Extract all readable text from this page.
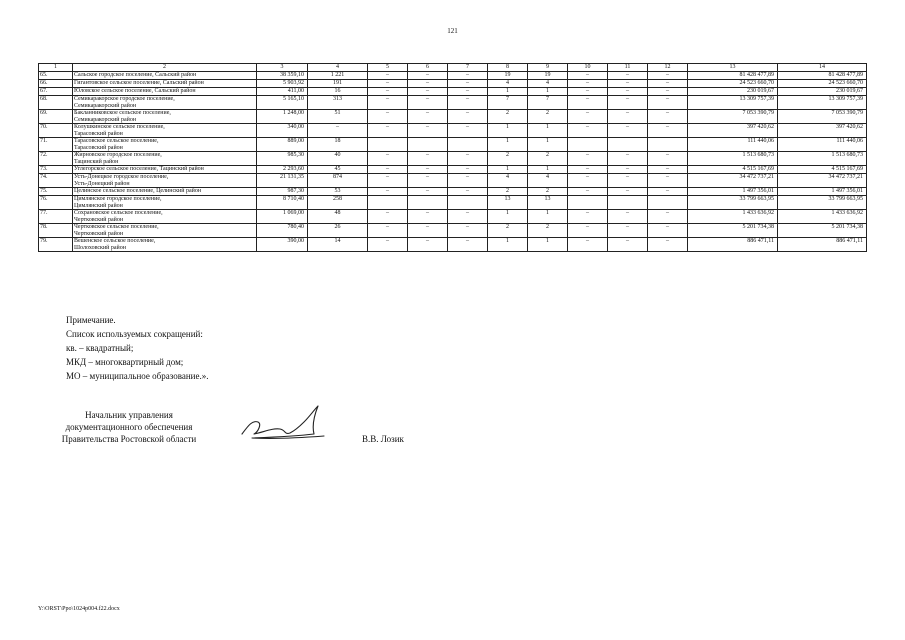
121
1	2	3	4	5	6	7	8	9	10	11	12	13	14
65.	Сальское городское поселение, Сальский район	38 359,10	1 221	–	–	–	19	19	–	–	–	81 428 477,89	81 428 477,89
66.	Гигантовское сельское поселение, Сальский район	5 903,92	191	–	–	–	4	4	–	–	–	24 523 660,70	24 523 660,70
67.	Юловское сельское поселение, Сальский район	411,00	16	–	–	–	1	1	–	–	–	230 019,67	230 019,67
68.	Семикаракорское городское поселение,
Семикаракорский район	5 165,10	313	–	–	–	7	7	–	–	–	13 309 757,39	13 309 757,39
69.	Бакланниковское сельское поселение,
Семикаракорский район	1 248,00	51	–	–	–	2	2	–	–	–	7 053 390,79	7 053 390,79
70.	Колушкинское сельское поселение,
Тарасовский район	340,00	–	–	–	–	1	1	–	–	–	397 420,62	397 420,62
71.	Тарасовское сельское поселение,
Тарасовский район	889,00	18				1	1				111 440,06	111 440,06
72.	Жирновское городское поселение,
Тацинский район	985,30	40	–	–	–	2	2	–	–	–	1 513 680,73	1 513 680,73
73.	Углегорское сельское поселение, Тацинский район	2 293,60	45	–	–	–	1	1	–	–	–	4 515 167,69	4 515 167,69
74.	Усть-Донецкое городское поселение,
Усть-Донецкий район	21 131,35	874	–	–	–	4	4	–	–	–	34 472 737,21	34 472 737,21
75.	Целинское сельское поселение, Целинский район	987,30	53	–	–	–	2	2	–	–	–	1 497 356,01	1 497 356,01
76.	Цимлянское городское поселение,
Цимлянский район	8 710,40	258				13	13				33 799 663,95	33 799 663,95
77.	Сохрановское сельское поселение,
Чертковский район	1 069,00	48	–	–	–	1	1	–	–	–	1 433 636,92	1 433 636,92
78.	Чертковское сельское поселение,
Чертковский район	780,40	26	–	–	–	2	2	–	–	–	5 201 734,38	5 201 734,38
79.	Вешенское сельское поселение,
Шолоховский район	390,00	14	–	–	–	1	1	–	–	–	886 471,11	886 471,11
Примечание.
Список используемых сокращений:
кв. – квадратный;
МКД – многоквартирный дом;
МО – муниципальное образование.».
Начальник управления
документационного обеспечения
Правительства Ростовской области	В.В. Лозик
Y:\ORST\Ppo\1024p004.f22.docx
